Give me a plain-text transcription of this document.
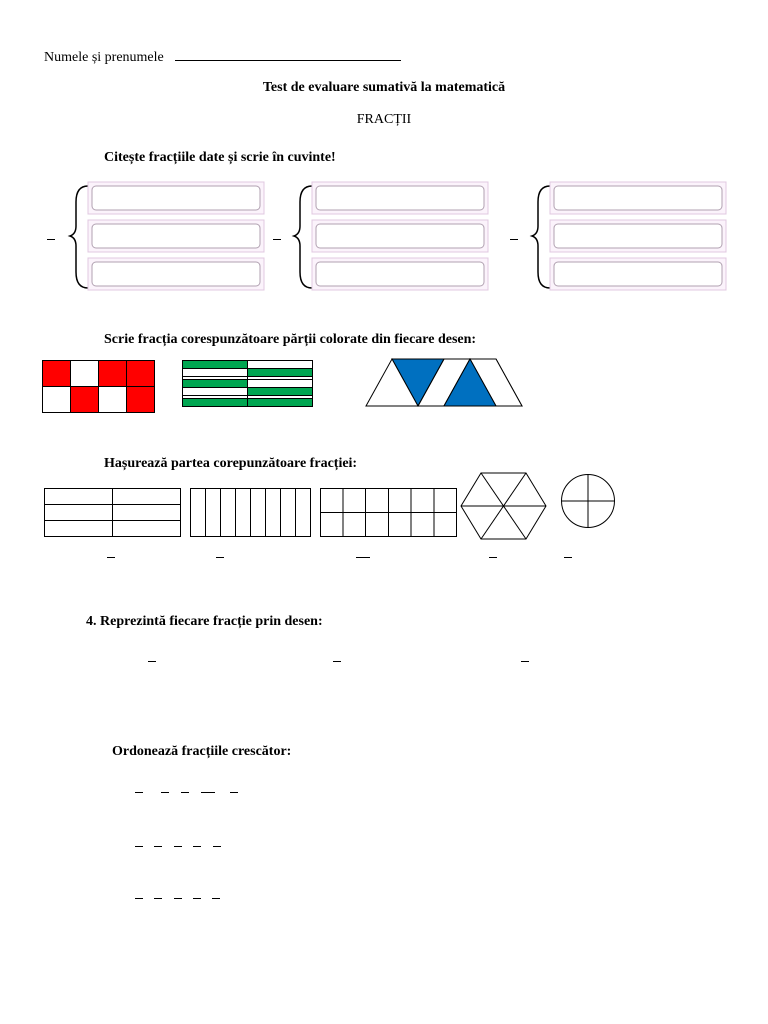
Numele și prenumele
Test de evaluare sumativă la matematică
FRACȚII
Citește fracțiile date și scrie în cuvinte!
Scrie fracția corespunzătoare părții colorate din fiecare desen:
Hașurează partea corepunzătoare fracției:
4. Reprezintă fiecare fracție prin desen:
Ordonează fracțiile crescător:
